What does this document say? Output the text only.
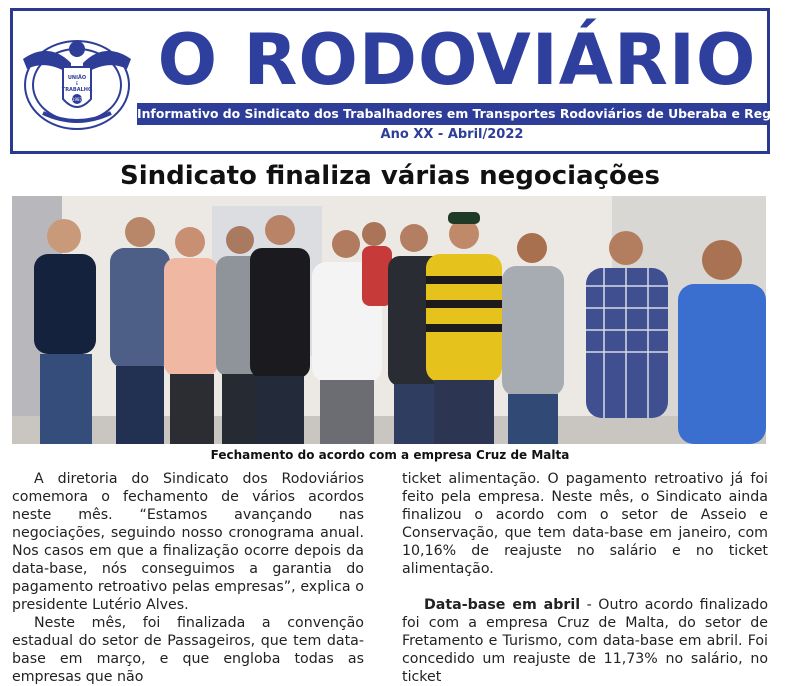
UNIÃO
E
TRABALHO
1987 O RODOVIÁRIO
Informativo do Sindicato dos Trabalhadores em Transportes Rodoviários de Uberaba e Região
Ano XX - Abril/2022
Sindicato finaliza várias negociações
Fechamento do acordo com a empresa Cruz de Malta

A diretoria do Sindicato dos Rodoviários comemora o fechamento de vários acordos neste mês. “Estamos avançando nas negociações, seguindo nosso cronograma anual. Nos casos em que a finalização ocorre depois da data-base, nós conseguimos a garantia do pagamento retroativo pelas empresas”, explica o presidente Lutério Alves.

Neste mês, foi finalizada a convenção estadual do setor de Passageiros, que tem data-base em março, e que engloba todas as empresas que não

ticket alimentação. O pagamento retroativo já foi feito pela empresa. Neste mês, o Sindicato ainda finalizou o acordo com o setor de Asseio e Conservação, que tem data-base em janeiro, com 10,16% de reajuste no salário e no ticket alimentação.

Data-base em abril - Outro acordo finalizado foi com a empresa Cruz de Malta, do setor de Fretamento e Turismo, com data-base em abril. Foi concedido um reajuste de 11,73% no salário, no ticket
